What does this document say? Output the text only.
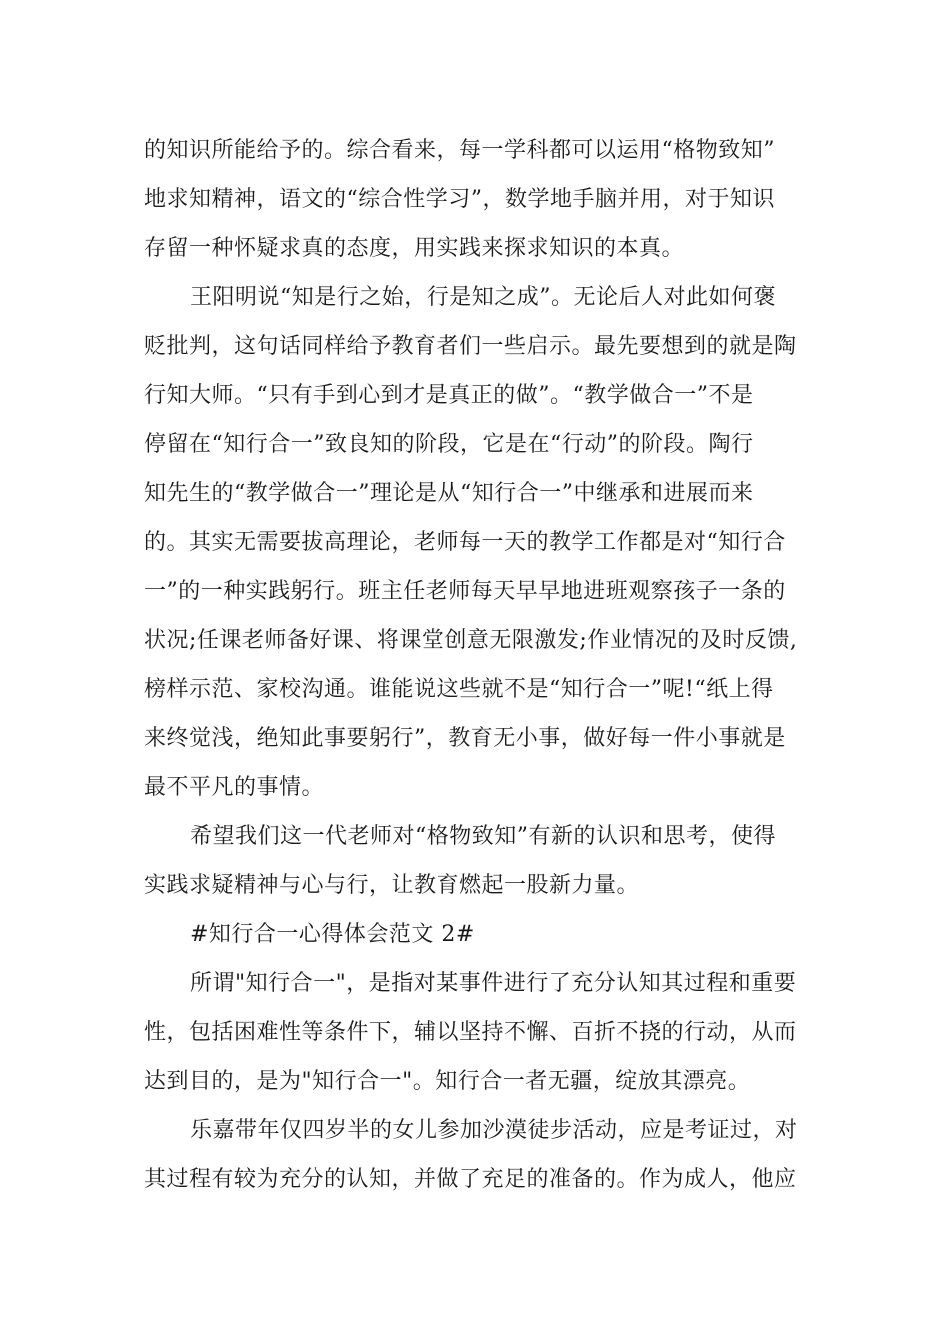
的知识所能给予的。综合看来，每一学科都可以运用“格物致知”
地求知精神，语文的“综合性学习”，数学地手脑并用，对于知识
存留一种怀疑求真的态度，用实践来探求知识的本真。
王阳明说“知是行之始，行是知之成”。无论后人对此如何褒
贬批判，这句话同样给予教育者们一些启示。最先要想到的就是陶
行知大师。“只有手到心到才是真正的做”。“教学做合一”不是
停留在“知行合一”致良知的阶段，它是在“行动”的阶段。陶行
知先生的“教学做合一”理论是从“知行合一”中继承和进展而来
的。其实无需要拔高理论，老师每一天的教学工作都是对“知行合
一”的一种实践躬行。班主任老师每天早早地进班观察孩子一条的
状况;任课老师备好课、将课堂创意无限激发;作业情况的及时反馈,
榜样示范、家校沟通。谁能说这些就不是“知行合一”呢!“纸上得
来终觉浅，绝知此事要躬行”，教育无小事，做好每一件小事就是
最不平凡的事情。
希望我们这一代老师对“格物致知”有新的认识和思考，使得
实践求疑精神与心与行，让教育燃起一股新力量。
#知行合一心得体会范文 2#
所谓"知行合一"，是指对某事件进行了充分认知其过程和重要
性，包括困难性等条件下，辅以坚持不懈、百折不挠的行动，从而
达到目的，是为"知行合一"。知行合一者无疆，绽放其漂亮。
乐嘉带年仅四岁半的女儿参加沙漠徒步活动，应是考证过，对
其过程有较为充分的认知，并做了充足的准备的。作为成人，他应
